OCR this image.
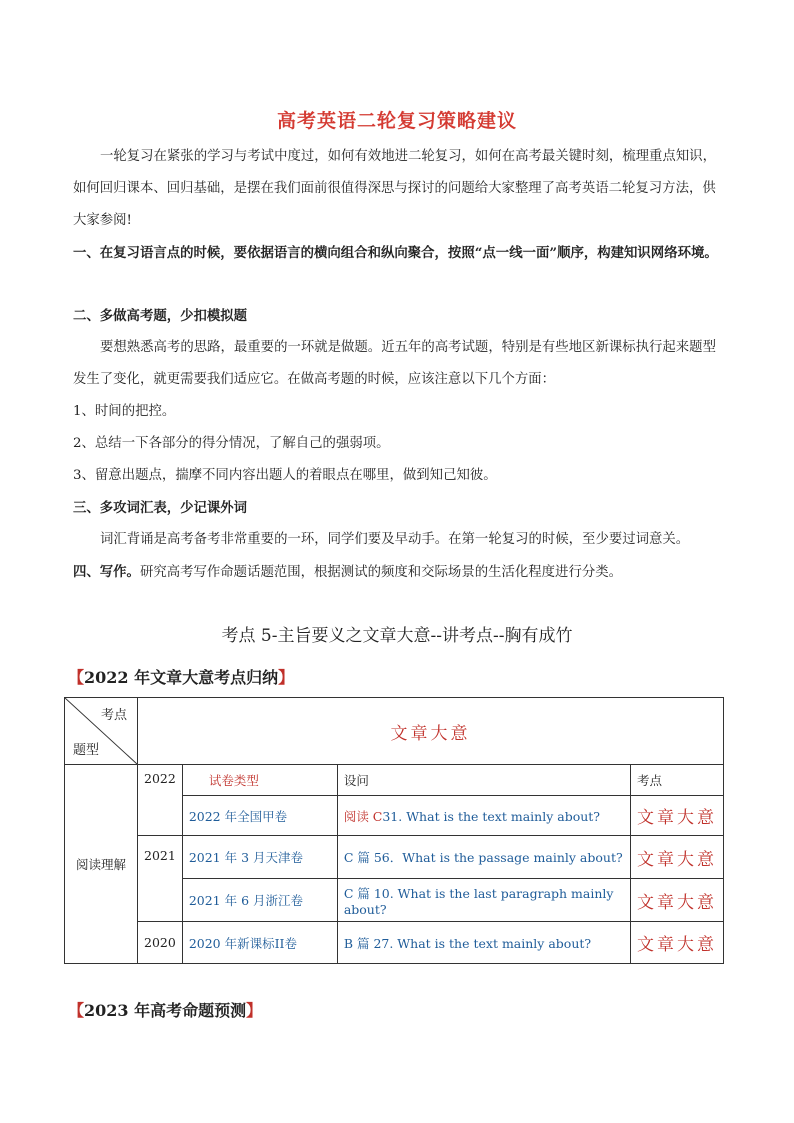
高考英语二轮复习策略建议
一轮复习在紧张的学习与考试中度过，如何有效地进二轮复习，如何在高考最关键时刻，梳理重点知识，如何回归课本、回归基础，是摆在我们面前很值得深思与探讨的问题给大家整理了高考英语二轮复习方法，供大家参阅!
一、在复习语言点的时候，要依据语言的横向组合和纵向聚合，按照“点一线一面”顺序，构建知识网络环境。
二、多做高考题，少扣模拟题
要想熟悉高考的思路，最重要的一环就是做题。近五年的高考试题，特别是有些地区新课标执行起来题型发生了变化，就更需要我们适应它。在做高考题的时候，应该注意以下几个方面：
1、时间的把控。
2、总结一下各部分的得分情况，了解自己的强弱项。
3、留意出题点，揣摩不同内容出题人的着眼点在哪里，做到知己知彼。
三、多攻词汇表，少记课外词
词汇背诵是高考备考非常重要的一环，同学们要及早动手。在第一轮复习的时候，至少要过词意关。
四、写作。研究高考写作命题话题范围，根据测试的频度和交际场景的生活化程度进行分类。
考点 5-主旨要义之文章大意--讲考点--胸有成竹
【2022 年文章大意考点归纳】
考点
题型	文章大意			
阅读理解	2022	试卷类型	设问	考点
		2022 年全国甲卷	阅读 C31. What is the text mainly about?	文章大意
	2021	2021 年 3 月天津卷	C 篇 56．What is the passage mainly about?	文章大意
		2021 年 6 月浙江卷	C 篇 10. What is the last paragraph mainly about?	文章大意
	2020	2020 年新课标ⅠⅠ卷	B 篇 27. What is the text mainly about?	文章大意
【2023 年高考命题预测】
